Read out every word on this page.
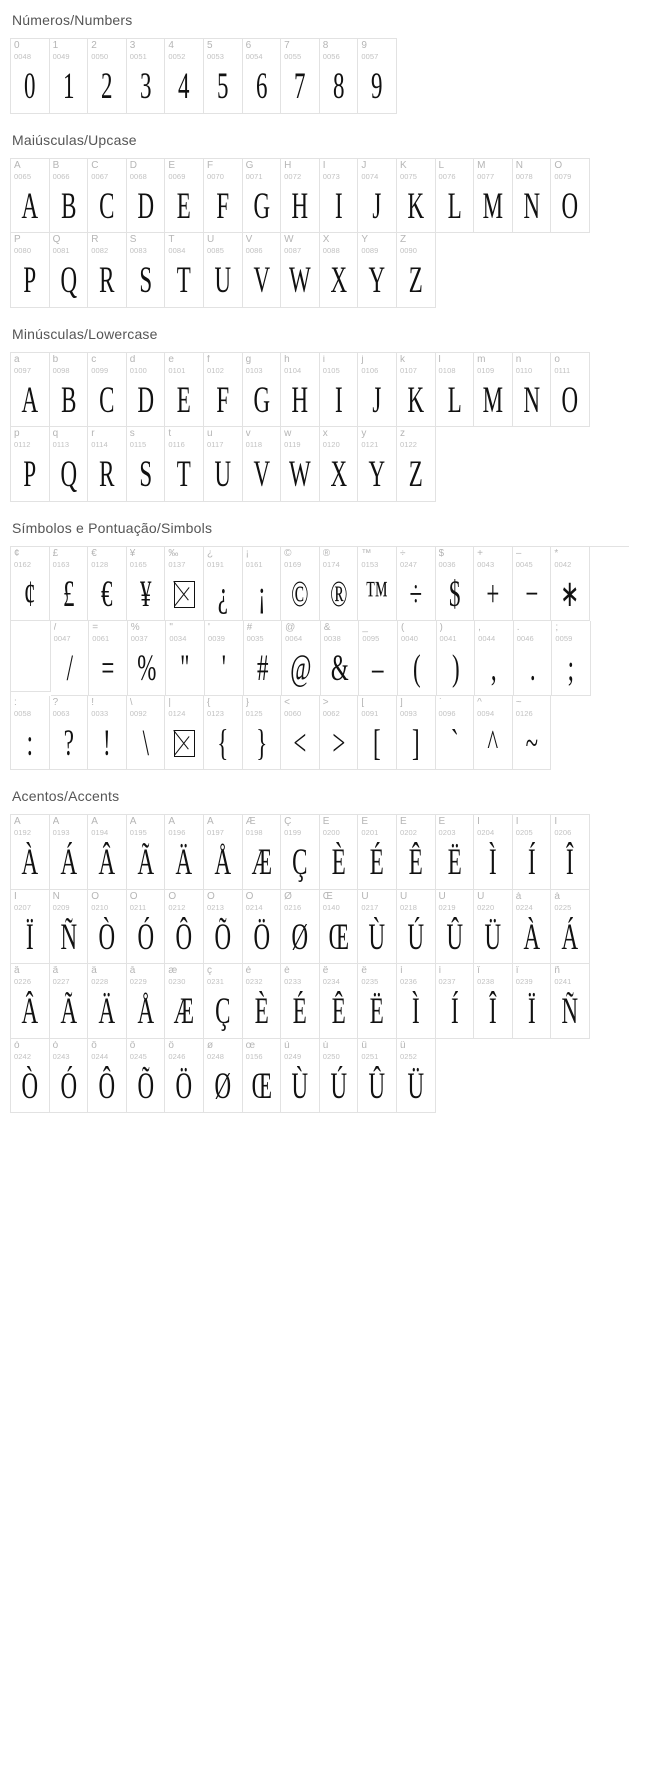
Números/Numbers
0
0048
0
1
0049
1
2
0050
2
3
0051
3
4
0052
4
5
0053
5
6
0054
6
7
0055
7
8
0056
8
9
0057
9
Maiúsculas/Upcase
A
0065
A
B
0066
B
C
0067
C
D
0068
D
E
0069
E
F
0070
F
G
0071
G
H
0072
H
I
0073
I
J
0074
J
K
0075
K
L
0076
L
M
0077
M
N
0078
N
O
0079
O
P
0080
P
Q
0081
Q
R
0082
R
S
0083
S
T
0084
T
U
0085
U
V
0086
V
W
0087
W
X
0088
X
Y
0089
Y
Z
0090
Z
Minúsculas/Lowercase
a
0097
A
b
0098
B
c
0099
C
d
0100
D
e
0101
E
f
0102
F
g
0103
G
h
0104
H
i
0105
I
j
0106
J
k
0107
K
l
0108
L
m
0109
M
n
0110
N
o
0111
O
p
0112
P
q
0113
Q
r
0114
R
s
0115
S
t
0116
T
u
0117
U
v
0118
V
w
0119
W
x
0120
X
y
0121
Y
z
0122
Z
Símbolos e Pontuação/Simbols
¢
0162
¢
£
0163
£
€
0128
€
¥
0165
¥
‰
0137
¿
0191
¿
¡
0161
¡
©
0169
©
®
0174
®
™
0153
™
÷
0247
÷
$
0036
$
+
0043
+
–
0045
−
*
0042
∗
/
0047
/
=
0061
=
%
0037
%
"
0034
"
'
0039
'
#
0035
#
@
0064
@
&
0038
&
_
0095
–
(
0040
(
)
0041
)
,
0044
,
.
0046
.
;
0059
;
:
0058
:
?
0063
?
!
0033
!
\
0092
\
|
0124
{
0123
{
}
0125
}
<
0060
<
>
0062
>
[
0091
[
]
0093
]
`
0096
`
^
0094
^
~
0126
~
Acentos/Accents
À
0192
À
Á
0193
Á
Â
0194
Â
Ã
0195
Ã
Ä
0196
Ä
Å
0197
Å
Æ
0198
Æ
Ç
0199
Ç
È
0200
È
É
0201
É
Ê
0202
Ê
Ë
0203
Ë
Ì
0204
Ì
Í
0205
Í
Î
0206
Î
Ï
0207
Ï
Ñ
0209
Ñ
Ò
0210
Ò
Ó
0211
Ó
Ô
0212
Ô
Õ
0213
Õ
Ö
0214
Ö
Ø
0216
Ø
Œ
0140
Œ
Ù
0217
Ù
Ú
0218
Ú
Û
0219
Û
Ü
0220
Ü
à
0224
À
á
0225
Á
â
0226
Â
ã
0227
Ã
ä
0228
Ä
å
0229
Å
æ
0230
Æ
ç
0231
Ç
è
0232
È
é
0233
É
ê
0234
Ê
ë
0235
Ë
ì
0236
Ì
í
0237
Í
î
0238
Î
ï
0239
Ï
ñ
0241
Ñ
ò
0242
Ò
ó
0243
Ó
ô
0244
Ô
õ
0245
Õ
ö
0246
Ö
ø
0248
Ø
œ
0156
Œ
ù
0249
Ù
ú
0250
Ú
û
0251
Û
ü
0252
Ü
